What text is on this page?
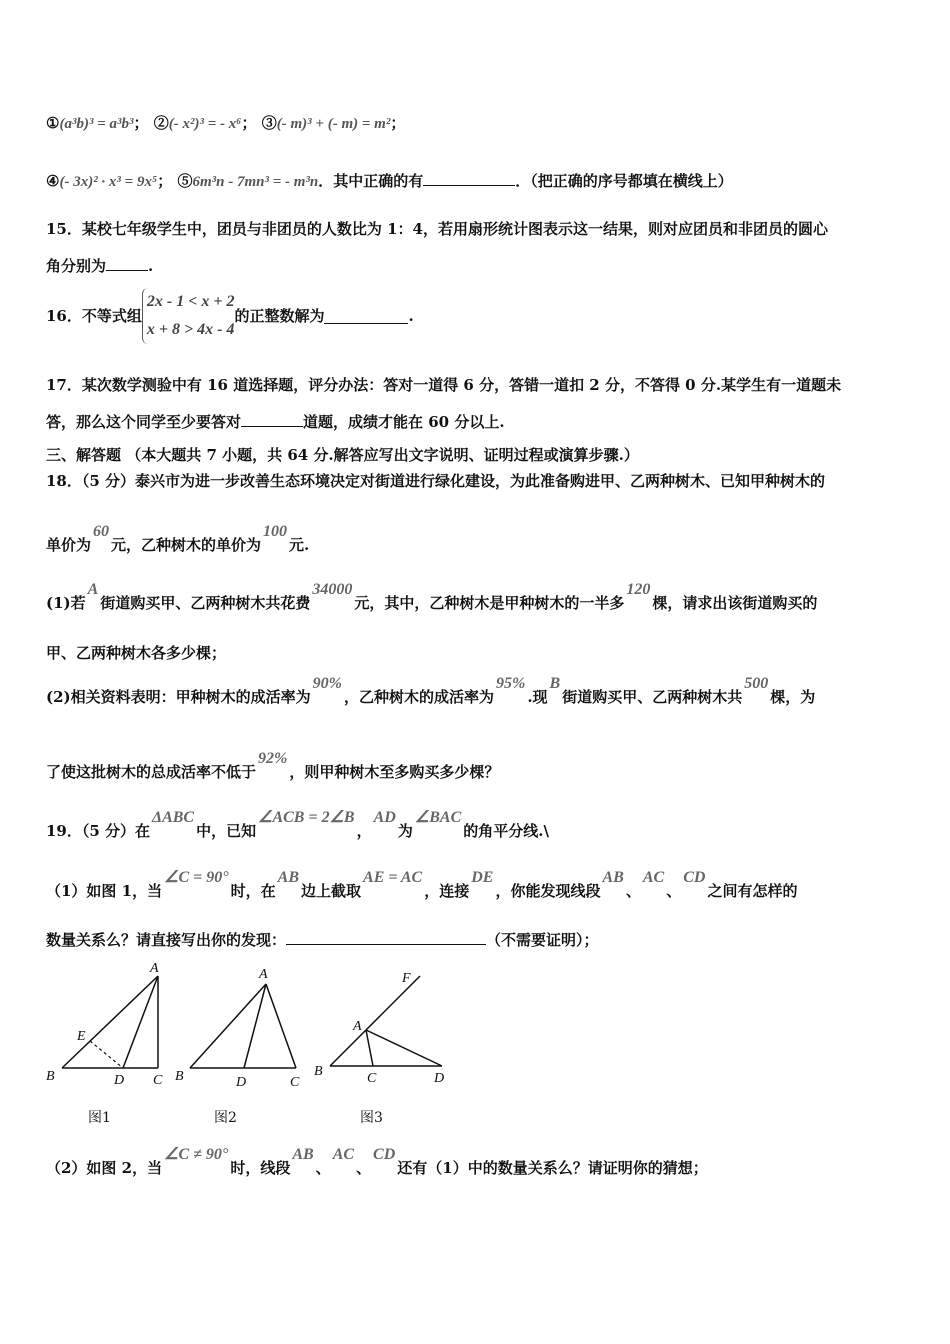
①(a³b)³ = a³b³； ②(- x²)³ = - x⁶； ③(- m)³ + (- m) = m²；
④(- 3x)² · x³ = 9x⁵； ⑤6m³n - 7mn³ = - m³n．其中正确的有	．（把正确的序号都填在横线上）
15．某校七年级学生中，团员与非团员的人数比为 1：4，若用扇形统计图表示这一结果，则对应团员和非团员的圆心
角分别为	.
16．不等式组2x - 1 < x + 2
x + 8 > 4x - 4的正整数解为	.
17．某次数学测验中有 16 道选择题，评分办法：答对一道得 6 分，答错一道扣 2 分，不答得 0 分.某学生有一道题未
答，那么这个同学至少要答对	道题，成绩才能在 60 分以上.
三、解答题 （本大题共 7 小题，共 64 分.解答应写出文字说明、证明过程或演算步骤.）
18．（5 分）泰兴市为进一步改善生态环境决定对街道进行绿化建设，为此准备购进甲、乙两种树木、已知甲种树木的
单价为60元，乙种树木的单价为100元.
(1)若A街道购买甲、乙两种树木共花费34000元，其中，乙种树木是甲种树木的一半多120棵，请求出该街道购买的
甲、乙两种树木各多少棵；
(2)相关资料表明：甲种树木的成活率为90%，乙种树木的成活率为95%.现B街道购买甲、乙两种树木共500棵，为
了使这批树木的总成活率不低于92%，则甲种树木至多购买多少棵？
19．（5 分）在ΔABC中，已知∠ACB = 2∠B，AD为∠BAC的角平分线.\
（1）如图 1，当∠C = 90°时，在AB边上截取AE = AC，连接DE，你能发现线段AB、AC、CD之间有怎样的
数量关系么？请直接写出你的发现：	（不需要证明）；
A
E
B	D C
图1
A
B	D	C
图2
F
A
B	C	D
图3
（2）如图 2，当∠C ≠ 90°时，线段AB、AC、CD还有（1）中的数量关系么？请证明你的猜想；
